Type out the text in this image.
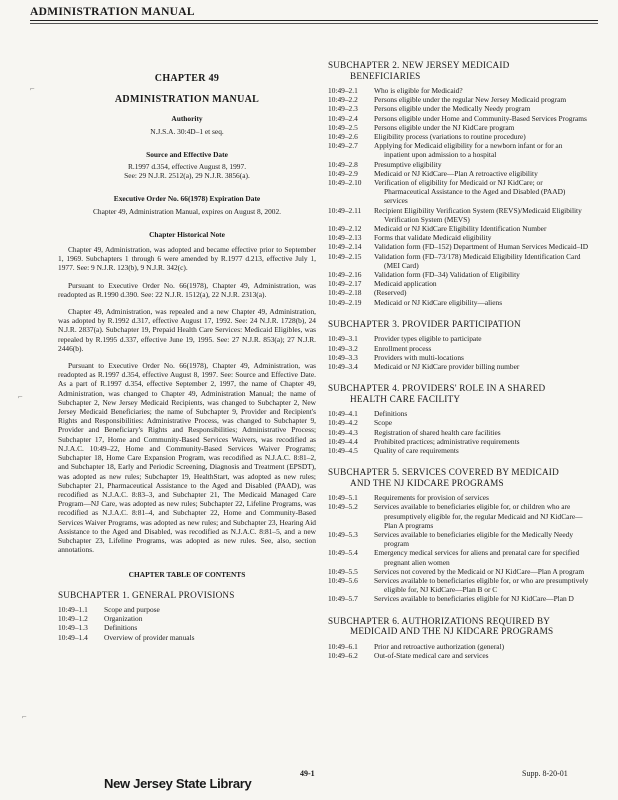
ADMINISTRATION MANUAL
⌐
⌐
⌐
CHAPTER 49
ADMINISTRATION MANUAL
Authority
N.J.S.A. 30:4D–1 et seq.
Source and Effective Date
R.1997 d.354, effective August 8, 1997.
See: 29 N.J.R. 2512(a), 29 N.J.R. 3856(a).
Executive Order No. 66(1978) Expiration Date
Chapter 49, Administration Manual, expires on August 8, 2002.
Chapter Historical Note

Chapter 49, Administration, was adopted and became effective prior to September 1, 1969. Subchapters 1 through 6 were amended by R.1977 d.213, effective July 1, 1977. See: 9 N.J.R. 123(b), 9 N.J.R. 342(c).

Pursuant to Executive Order No. 66(1978), Chapter 49, Administration, was readopted as R.1990 d.390. See: 22 N.J.R. 1512(a), 22 N.J.R. 2313(a).

Chapter 49, Administration, was repealed and a new Chapter 49, Administration, was adopted by R.1992 d.317, effective August 17, 1992. See: 24 N.J.R. 1728(b), 24 N.J.R. 2837(a). Subchapter 19, Prepaid Health Care Services: Medicaid Eligibles, was repealed by R.1995 d.337, effective June 19, 1995. See: 27 N.J.R. 853(a); 27 N.J.R. 2446(b).

Pursuant to Executive Order No. 66(1978), Chapter 49, Administration, was readopted as R.1997 d.354, effective August 8, 1997. See: Source and Effective Date. As a part of R.1997 d.354, effective September 2, 1997, the name of Chapter 49, Administration, was changed to Chapter 49, Administration Manual; the name of Subchapter 2, New Jersey Medicaid Recipients, was changed to Subchapter 2, New Jersey Medicaid Beneficiaries; the name of Subchapter 9, Provider and Recipient's Rights and Responsibilities: Administrative Process, was changed to Subchapter 9, Provider and Beneficiary's Rights and Responsibilities; Administrative Process; Subchapter 17, Home and Community-Based Services Waivers, was recodified as N.J.A.C. 10:49–22, Home and Community-Based Services Waiver Programs; Subchapter 18, Home Care Expansion Program, was recodified as N.J.A.C. 8:81–2, and Subchapter 18, Early and Periodic Screening, Diagnosis and Treatment (EPSDT), was adopted as new rules; Subchapter 19, HealthStart, was adopted as new rules; Subchapter 21, Pharmaceutical Assistance to the Aged and Disabled (PAAD), was recodified as N.J.A.C. 8:83–3, and Subchapter 21, The Medicaid Managed Care Program—NJ Care, was adopted as new rules; Subchapter 22, Lifeline Programs, was recodified as N.J.A.C. 8:81–4, and Subchapter 22, Home and Community-Based Services Waiver Programs, was adopted as new rules; and Subchapter 23, Hearing Aid Assistance to the Aged and Disabled, was recodified as N.J.A.C. 8:81–5, and a new Subchapter 23, Lifeline Programs, was adopted as new rules. See, also, section annotations.

CHAPTER TABLE OF CONTENTS
SUBCHAPTER 1. GENERAL PROVISIONS
10:49–1.1	Scope and purpose
10:49–1.2	Organization
10:49–1.3	Definitions
10:49–1.4	Overview of provider manuals
SUBCHAPTER 2. NEW JERSEY MEDICAID
BENEFICIARIES
10:49–2.1	Who is eligible for Medicaid?
10:49–2.2	Persons eligible under the regular New Jersey Medicaid program
10:49–2.3	Persons eligible under the Medically Needy program
10:49–2.4	Persons eligible under Home and Community-Based Services Programs
10:49–2.5	Persons eligible under the NJ KidCare program
10:49–2.6	Eligibility process (variations to routine procedure)
10:49–2.7	Applying for Medicaid eligibility for a newborn infant or for an inpatient upon admission to a hospital
10:49–2.8	Presumptive eligibility
10:49–2.9	Medicaid or NJ KidCare—Plan A retroactive eligibility
10:49–2.10	Verification of eligibility for Medicaid or NJ KidCare; or Pharmaceutical Assistance to the Aged and Disabled (PAAD) services
10:49–2.11	Recipient Eligibility Verification System (REVS)/Medicaid Eligibility Verification System (MEVS)
10:49–2.12	Medicaid or NJ KidCare Eligibility Identification Number
10:49–2.13	Forms that validate Medicaid eligibility
10:49–2.14	Validation form (FD–152) Department of Human Services Medicaid–ID
10:49–2.15	Validation form (FD–73/178) Medicaid Eligibility Identification Card (MEI Card)
10:49–2.16	Validation form (FD–34) Validation of Eligibility
10:49–2.17	Medicaid application
10:49–2.18	(Reserved)
10:49–2.19	Medicaid or NJ KidCare eligibility—aliens
SUBCHAPTER 3. PROVIDER PARTICIPATION
10:49–3.1	Provider types eligible to participate
10:49–3.2	Enrollment process
10:49–3.3	Providers with multi-locations
10:49–3.4	Medicaid or NJ KidCare provider billing number
SUBCHAPTER 4. PROVIDERS' ROLE IN A SHARED
HEALTH CARE FACILITY
10:49–4.1	Definitions
10:49–4.2	Scope
10:49–4.3	Registration of shared health care facilities
10:49–4.4	Prohibited practices; administrative requirements
10:49–4.5	Quality of care requirements
SUBCHAPTER 5. SERVICES COVERED BY MEDICAID
AND THE NJ KIDCARE PROGRAMS
10:49–5.1	Requirements for provision of services
10:49–5.2	Services available to beneficiaries eligible for, or children who are presumptively eligible for, the regular Medicaid and NJ KidCare—Plan A programs
10:49–5.3	Services available to beneficiaries eligible for the Medically Needy program
10:49–5.4	Emergency medical services for aliens and prenatal care for specified pregnant alien women
10:49–5.5	Services not covered by the Medicaid or NJ KidCare—Plan A program
10:49–5.6	Services available to beneficiaries eligible for, or who are presumptively eligible for, NJ KidCare—Plan B or C
10:49–5.7	Services available to beneficiaries eligible for NJ KidCare—Plan D
SUBCHAPTER 6. AUTHORIZATIONS REQUIRED BY
MEDICAID AND THE NJ KIDCARE PROGRAMS
10:49–6.1	Prior and retroactive authorization (general)
10:49–6.2	Out-of-State medical care and services
New Jersey State Library
49-1	Supp. 8-20-01
